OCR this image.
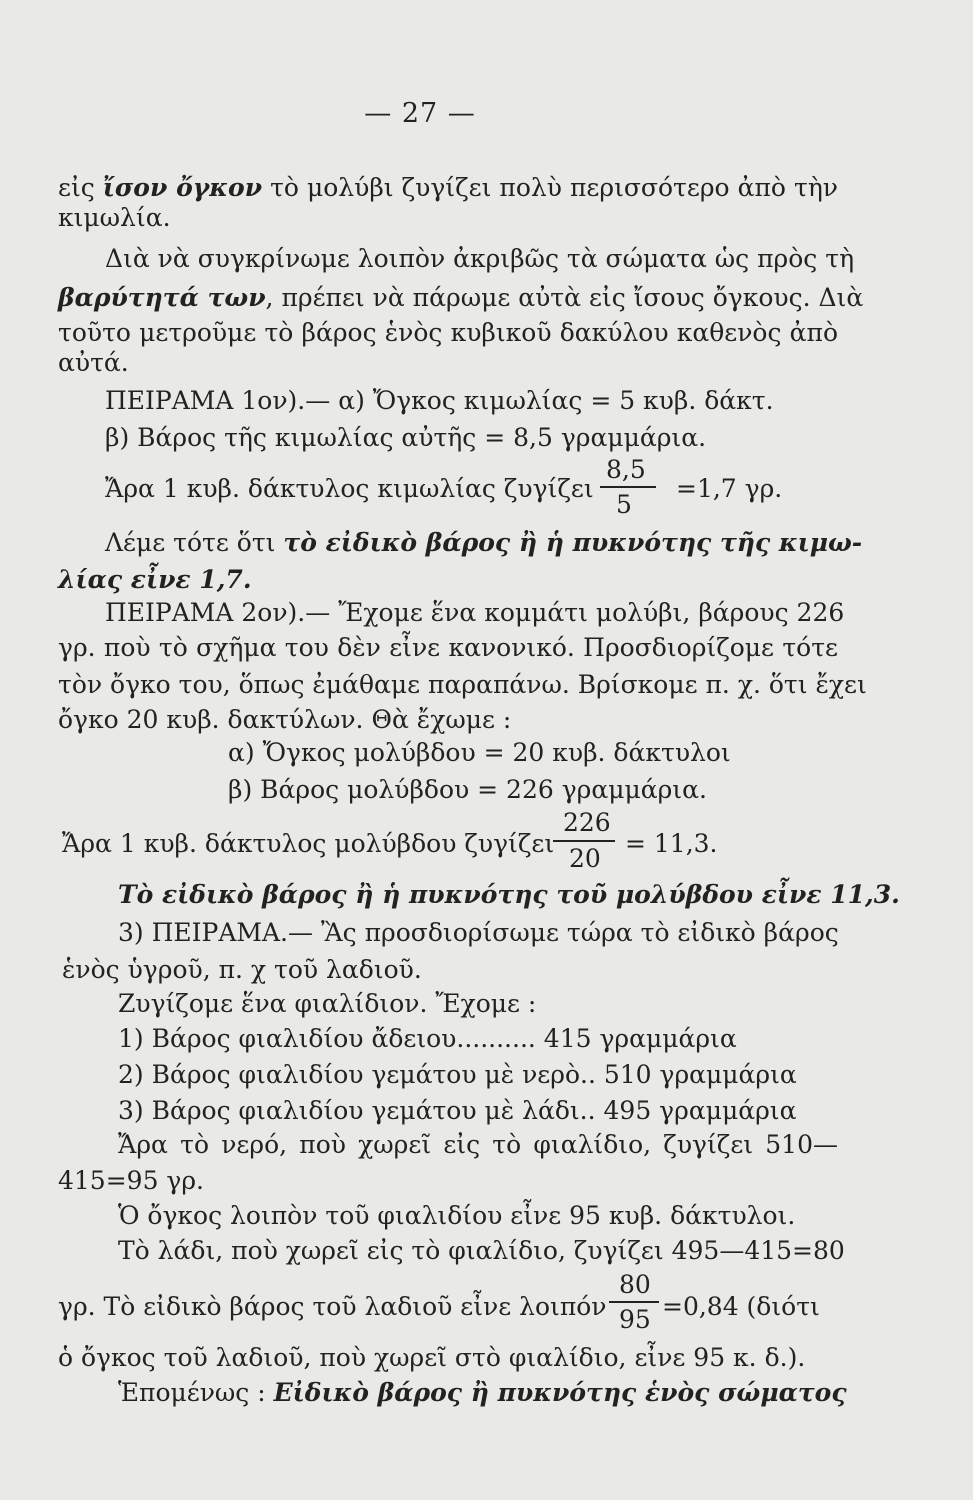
— 27 —
εἰς ἴσον ὄγκον τὸ μολύβι ζυγίζει πολὺ περισσότερο ἀπὸ τὴν
κιμωλία.
Διὰ νὰ συγκρίνωμε λοιπὸν ἀκριβῶς τὰ σώματα ὡς πρὸς τὴ
βαρύτητά των, πρέπει νὰ πάρωμε αὐτὰ εἰς ἴσους ὄγκους. Διὰ
τοῦτο μετροῦμε τὸ βάρος ἑνὸς κυβικοῦ δακύλου καθενὸς ἀπὸ
αὐτά.
ΠΕΙΡΑΜΑ 1ον).— α) Ὄγκος κιμωλίας = 5 κυβ. δάκτ.
β) Βάρος τῆς κιμωλίας αὐτῆς = 8,5 γραμμάρια.
Ἄρα 1 κυβ. δάκτυλος κιμωλίας ζυγίζει
8,5
5
=1,7 γρ.
Λέμε τότε ὅτι τὸ εἰδικὸ βάρος ἢ ἡ πυκνότης τῆς κιμω-
λίας εἶνε 1,7.
ΠΕΙΡΑΜΑ 2ον).— Ἔχομε ἕνα κομμάτι μολύβι, βάρους 226
γρ. ποὺ τὸ σχῆμα του δὲν εἶνε κανονικό. Προσδιορίζομε τότε
τὸν ὄγκο του, ὅπως ἐμάθαμε παραπάνω. Βρίσκομε π. χ. ὅτι ἔχει
ὄγκο 20 κυβ. δακτύλων. Θὰ ἔχωμε :
α) Ὄγκος μολύβδου = 20 κυβ. δάκτυλοι
β) Βάρος μολύβδου = 226 γραμμάρια.
Ἄρα 1 κυβ. δάκτυλος μολύβδου ζυγίζει
226
20
= 11,3.
Τὸ εἰδικὸ βάρος ἢ ἡ πυκνότης τοῦ μολύβδου εἶνε 11,3.
3) ΠΕΙΡΑΜΑ.— Ἂς προσδιορίσωμε τώρα τὸ εἰδικὸ βάρος
ἑνὸς ὑγροῦ, π. χ τοῦ λαδιοῦ.
Ζυγίζομε ἕνα φιαλίδιον. Ἔχομε :
1) Βάρος φιαλιδίου ἄδειου.......... 415 γραμμάρια
2) Βάρος φιαλιδίου γεμάτου μὲ νερὸ.. 510 γραμμάρια
3) Βάρος φιαλιδίου γεμάτου μὲ λάδι.. 495 γραμμάρια
Ἄρα τὸ νερό, ποὺ χωρεῖ εἰς τὸ φιαλίδιο, ζυγίζει 510—
415=95 γρ.
Ὁ ὄγκος λοιπὸν τοῦ φιαλιδίου εἶνε 95 κυβ. δάκτυλοι.
Τὸ λάδι, ποὺ χωρεῖ εἰς τὸ φιαλίδιο, ζυγίζει 495—415=80
γρ. Τὸ εἰδικὸ βάρος τοῦ λαδιοῦ εἶνε λοιπόν
80
95 =0,84 (διότι
ὁ ὄγκος τοῦ λαδιοῦ, ποὺ χωρεῖ στὸ φιαλίδιο, εἶνε 95 κ. δ.).
Ἑπομένως : Εἰδικὸ βάρος ἢ πυκνότης ἑνὸς σώματος
